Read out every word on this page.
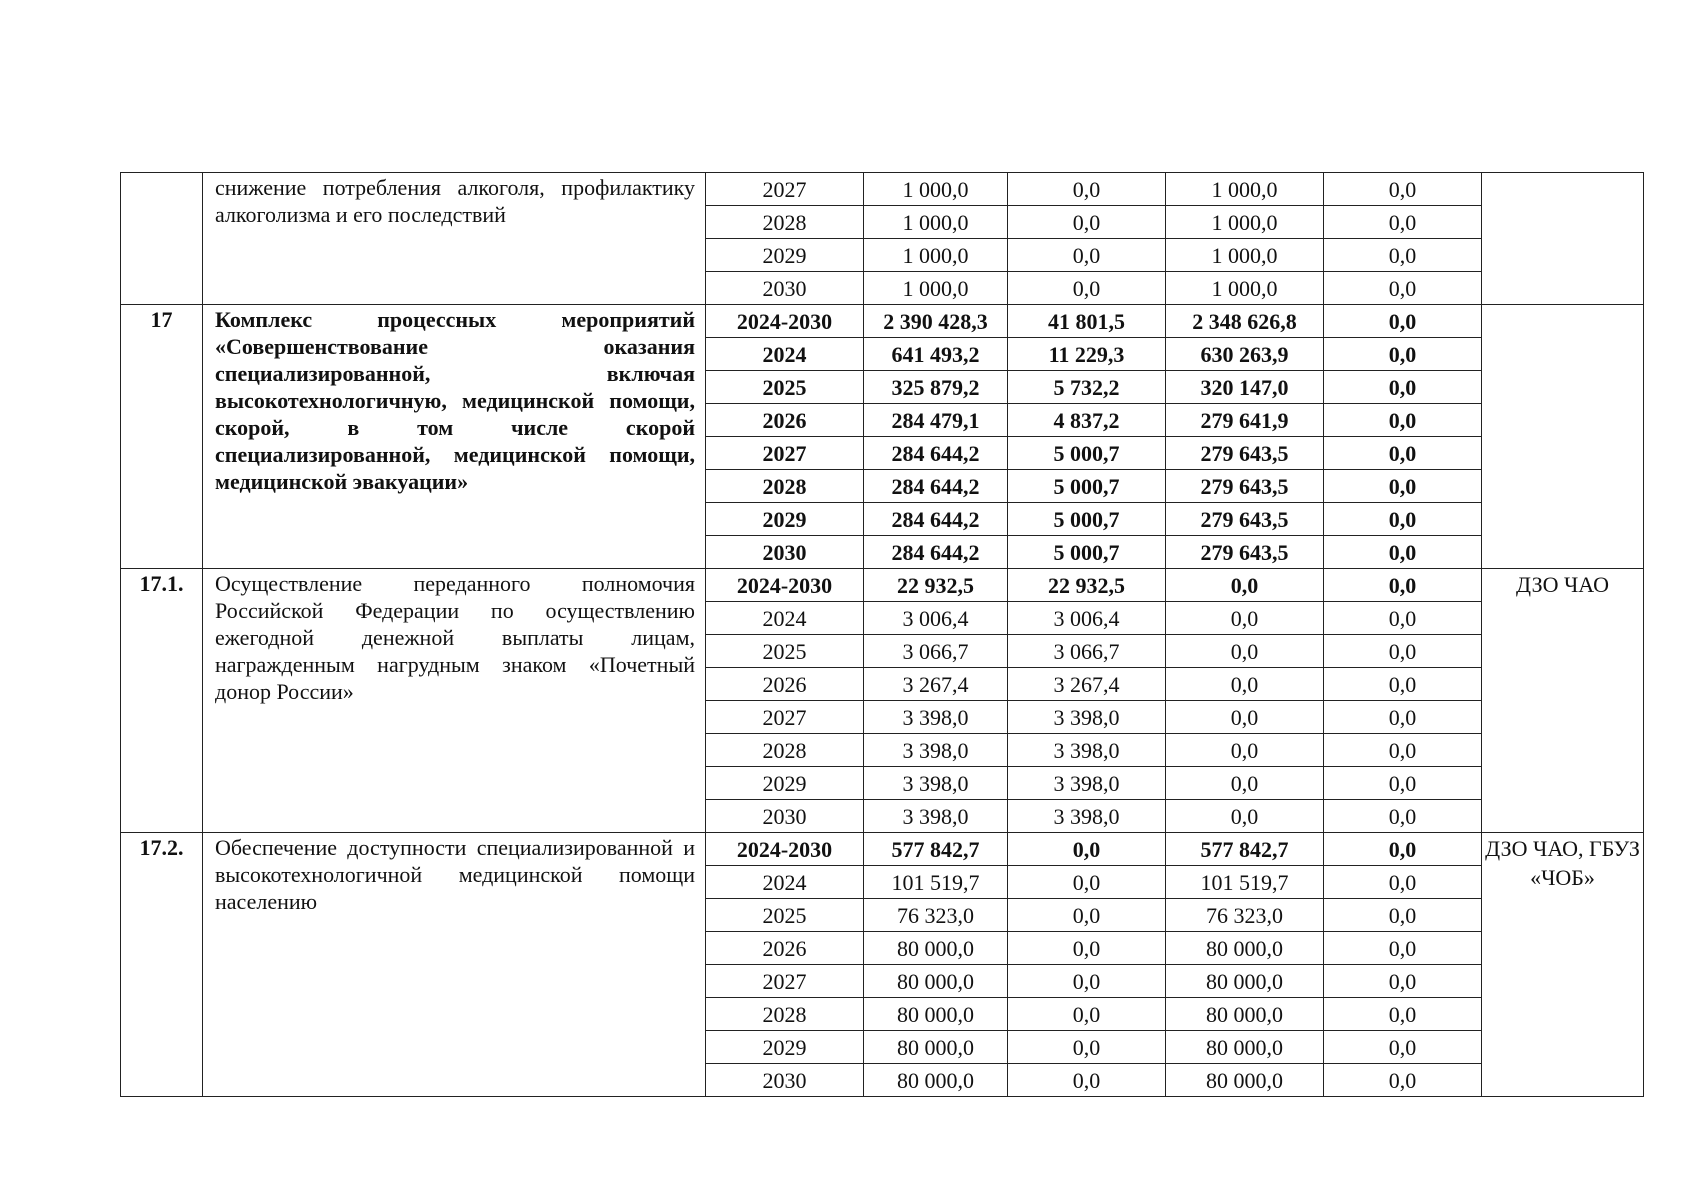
	снижение потребления алкоголя, профилактику алкоголизма и его последствий	2027	1 000,0	0,0	1 000,0	0,0	
		2028	1 000,0	0,0	1 000,0	0,0	
		2029	1 000,0	0,0	1 000,0	0,0	
		2030	1 000,0	0,0	1 000,0	0,0	
17	Комплекс процессных мероприятий «Совершенствование оказания специализированной, включая высокотехнологичную, медицинской помощи, скорой, в том числе скорой специализированной, медицинской помощи, медицинской эвакуации»	2024-2030	2 390 428,3	41 801,5	2 348 626,8	0,0	
		2024	641 493,2	11 229,3	630 263,9	0,0	
		2025	325 879,2	5 732,2	320 147,0	0,0	
		2026	284 479,1	4 837,2	279 641,9	0,0	
		2027	284 644,2	5 000,7	279 643,5	0,0	
		2028	284 644,2	5 000,7	279 643,5	0,0	
		2029	284 644,2	5 000,7	279 643,5	0,0	
		2030	284 644,2	5 000,7	279 643,5	0,0	
17.1.	Осуществление переданного полномочия Российской Федерации по осуществлению ежегодной денежной выплаты лицам, награжденным нагрудным знаком «Почетный донор России»	2024-2030	22 932,5	22 932,5	0,0	0,0	ДЗО ЧАО
		2024	3 006,4	3 006,4	0,0	0,0	
		2025	3 066,7	3 066,7	0,0	0,0	
		2026	3 267,4	3 267,4	0,0	0,0	
		2027	3 398,0	3 398,0	0,0	0,0	
		2028	3 398,0	3 398,0	0,0	0,0	
		2029	3 398,0	3 398,0	0,0	0,0	
		2030	3 398,0	3 398,0	0,0	0,0	
17.2.	Обеспечение доступности специализированной и высокотехнологичной медицинской помощи населению	2024-2030	577 842,7	0,0	577 842,7	0,0	ДЗО ЧАО, ГБУЗ «ЧОБ»
		2024	101 519,7	0,0	101 519,7	0,0	
		2025	76 323,0	0,0	76 323,0	0,0	
		2026	80 000,0	0,0	80 000,0	0,0	
		2027	80 000,0	0,0	80 000,0	0,0	
		2028	80 000,0	0,0	80 000,0	0,0	
		2029	80 000,0	0,0	80 000,0	0,0	
		2030	80 000,0	0,0	80 000,0	0,0	
